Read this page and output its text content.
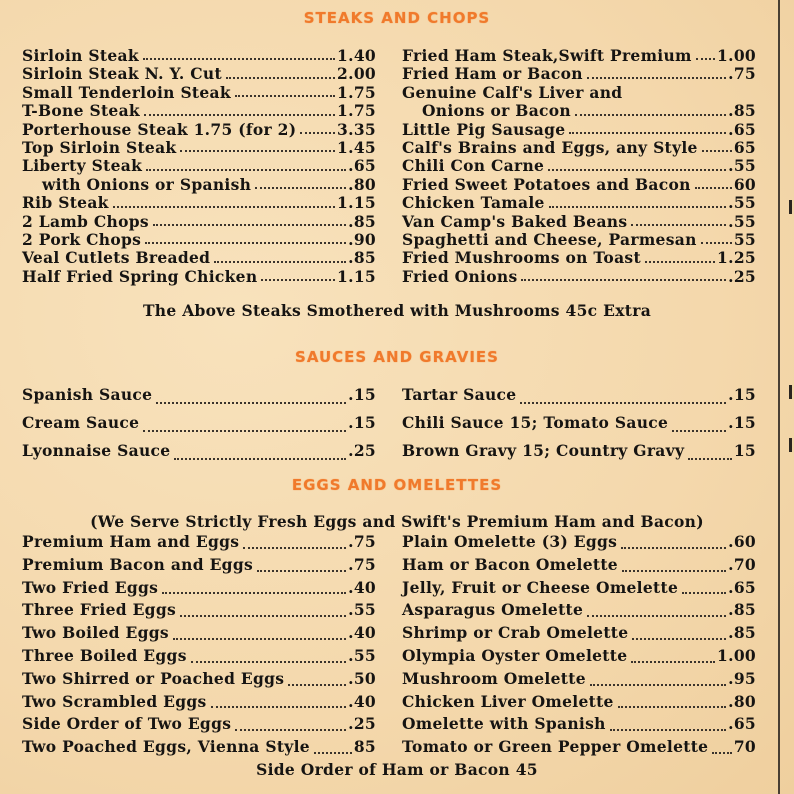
STEAKS AND CHOPS
Sirloin Steak	1.40
Sirloin Steak N. Y. Cut	2.00
Small Tenderloin Steak	1.75
T-Bone Steak	1.75
Porterhouse Steak 1.75 (for 2)	3.35
Top Sirloin Steak	1.45
Liberty Steak	.65
with Onions or Spanish	.80
Rib Steak	1.15
2 Lamb Chops	.85
2 Pork Chops	.90
Veal Cutlets Breaded	.85
Half Fried Spring Chicken	1.15
Fried Ham Steak,Swift Premium 1.00
Fried Ham or Bacon	.75
Genuine Calf's Liver and
Onions or Bacon	.85
Little Pig Sausage	.65
Calf's Brains and Eggs, any Style 65
Chili Con Carne	.55
Fried Sweet Potatoes and Bacon	60
Chicken Tamale	.55
Van Camp's Baked Beans	.55
Spaghetti and Cheese, Parmesan 55
Fried Mushrooms on Toast	1.25
Fried Onions	.25
The Above Steaks Smothered with Mushrooms 45c Extra
SAUCES AND GRAVIES
Spanish Sauce	.15
Cream Sauce	.15
Lyonnaise Sauce	.25
Tartar Sauce	.15
Chili Sauce 15; Tomato Sauce	.15
Brown Gravy 15; Country Gravy	15
EGGS AND OMELETTES
(We Serve Strictly Fresh Eggs and Swift's Premium Ham and Bacon)
Premium Ham and Eggs	.75
Premium Bacon and Eggs	.75
Two Fried Eggs	.40
Three Fried Eggs	.55
Two Boiled Eggs	.40
Three Boiled Eggs	.55
Two Shirred or Poached Eggs	.50
Two Scrambled Eggs	.40
Side Order of Two Eggs	.25
Two Poached Eggs, Vienna Style	85
Plain Omelette (3) Eggs	.60
Ham or Bacon Omelette	.70
Jelly, Fruit or Cheese Omelette	.65
Asparagus Omelette	.85
Shrimp or Crab Omelette	.85
Olympia Oyster Omelette	1.00
Mushroom Omelette	.95
Chicken Liver Omelette	.80
Omelette with Spanish	.65
Tomato or Green Pepper Omelette 70
Side Order of Ham or Bacon 45
